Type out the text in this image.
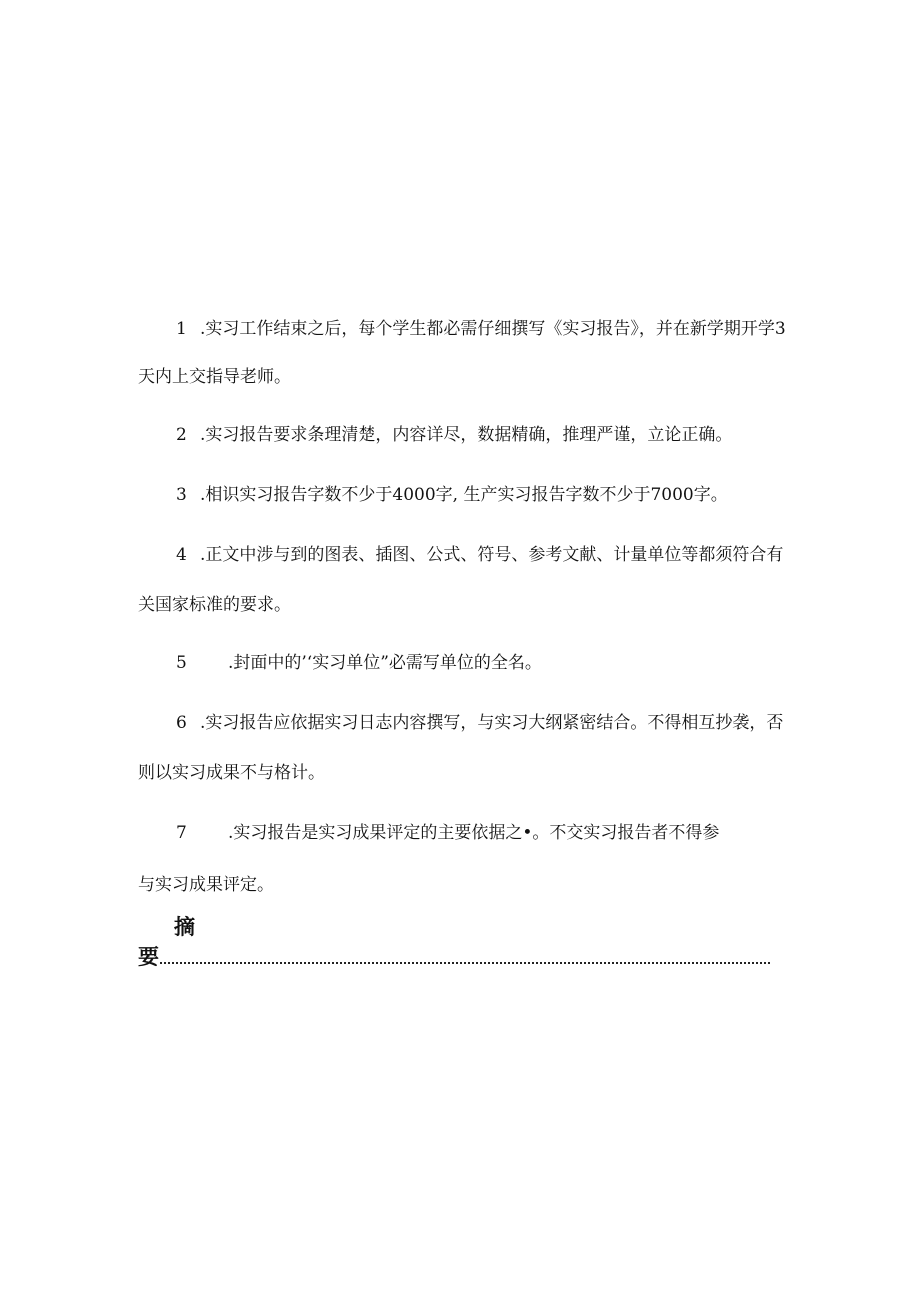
1 .实习工作结束之后，每个学生都必需仔细撰写《实习报告》，并在新学期开学3
天内上交指导老师。
2 .实习报告要求条理清楚，内容详尽，数据精确，推理严谨，立论正确。
3 .相识实习报告字数不少于4000字, 生产实习报告字数不少于7000字。
4 .正文中涉与到的图表、插图、公式、符号、参考文献、计量单位等都须符合有
关国家标准的要求。
5 .封面中的’‘实习单位”必需写单位的全名。
6 .实习报告应依据实习日志内容撰写，与实习大纲紧密结合。不得相互抄袭，否
则以实习成果不与格计。
7 .实习报告是实习成果评定的主要依据之•。不交实习报告者不得参
与实习成果评定。
摘
要
